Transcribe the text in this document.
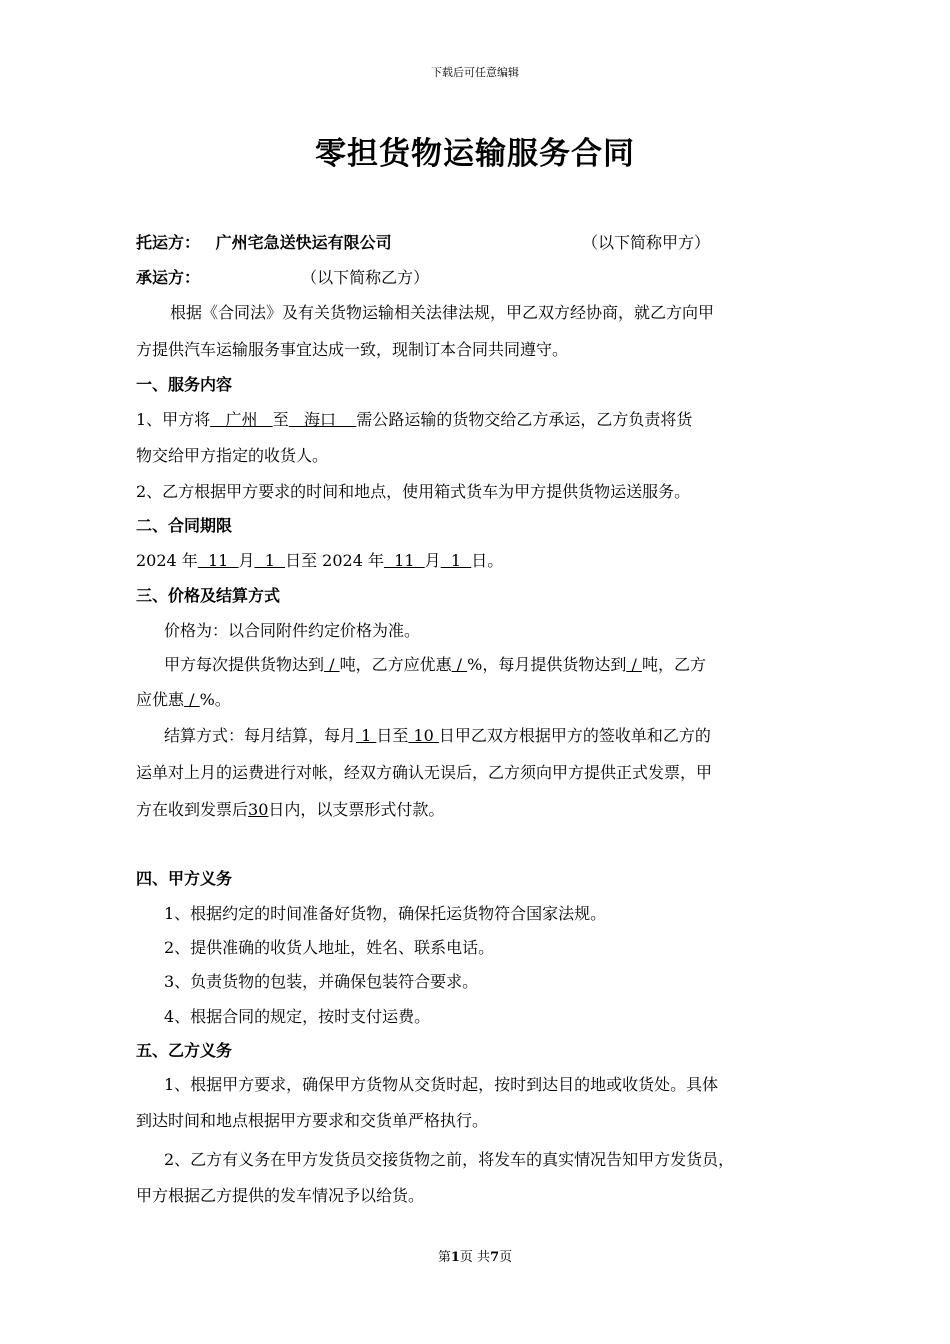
下载后可任意编辑
零担货物运输服务合同
托运方： 广州宅急送快运有限公司	（以下简称甲方）
承运方：	（以下简称乙方）
根据《合同法》及有关货物运输相关法律法规，甲乙双方经协商，就乙方向甲
方提供汽车运输服务事宜达成一致，现制订本合同共同遵守。
一、服务内容
1、甲方将   广州   至   海口    需公路运输的货物交给乙方承运，乙方负责将货
物交给甲方指定的收货人。
2、乙方根据甲方要求的时间和地点，使用箱式货车为甲方提供货物运送服务。
二、合同期限
2024 年  11  月  1  日至 2024 年  11  月  1  日。
三、价格及结算方式
价格为：以合同附件约定价格为准。
甲方每次提供货物达到 / 吨，乙方应优惠 / %，每月提供货物达到 / 吨，乙方
应优惠 / %。
结算方式：每月结算，每月 1 日至 10 日甲乙双方根据甲方的签收单和乙方的
运单对上月的运费进行对帐，经双方确认无误后，乙方须向甲方提供正式发票，甲
方在收到发票后30日内，以支票形式付款。
四、甲方义务
1、根据约定的时间准备好货物，确保托运货物符合国家法规。
2、提供准确的收货人地址，姓名、联系电话。
3、负责货物的包装，并确保包装符合要求。
4、根据合同的规定，按时支付运费。
五、乙方义务
1、根据甲方要求，确保甲方货物从交货时起，按时到达目的地或收货处。具体
到达时间和地点根据甲方要求和交货单严格执行。
2、乙方有义务在甲方发货员交接货物之前，将发车的真实情况告知甲方发货员，
甲方根据乙方提供的发车情况予以给货。
第1页 共7页
